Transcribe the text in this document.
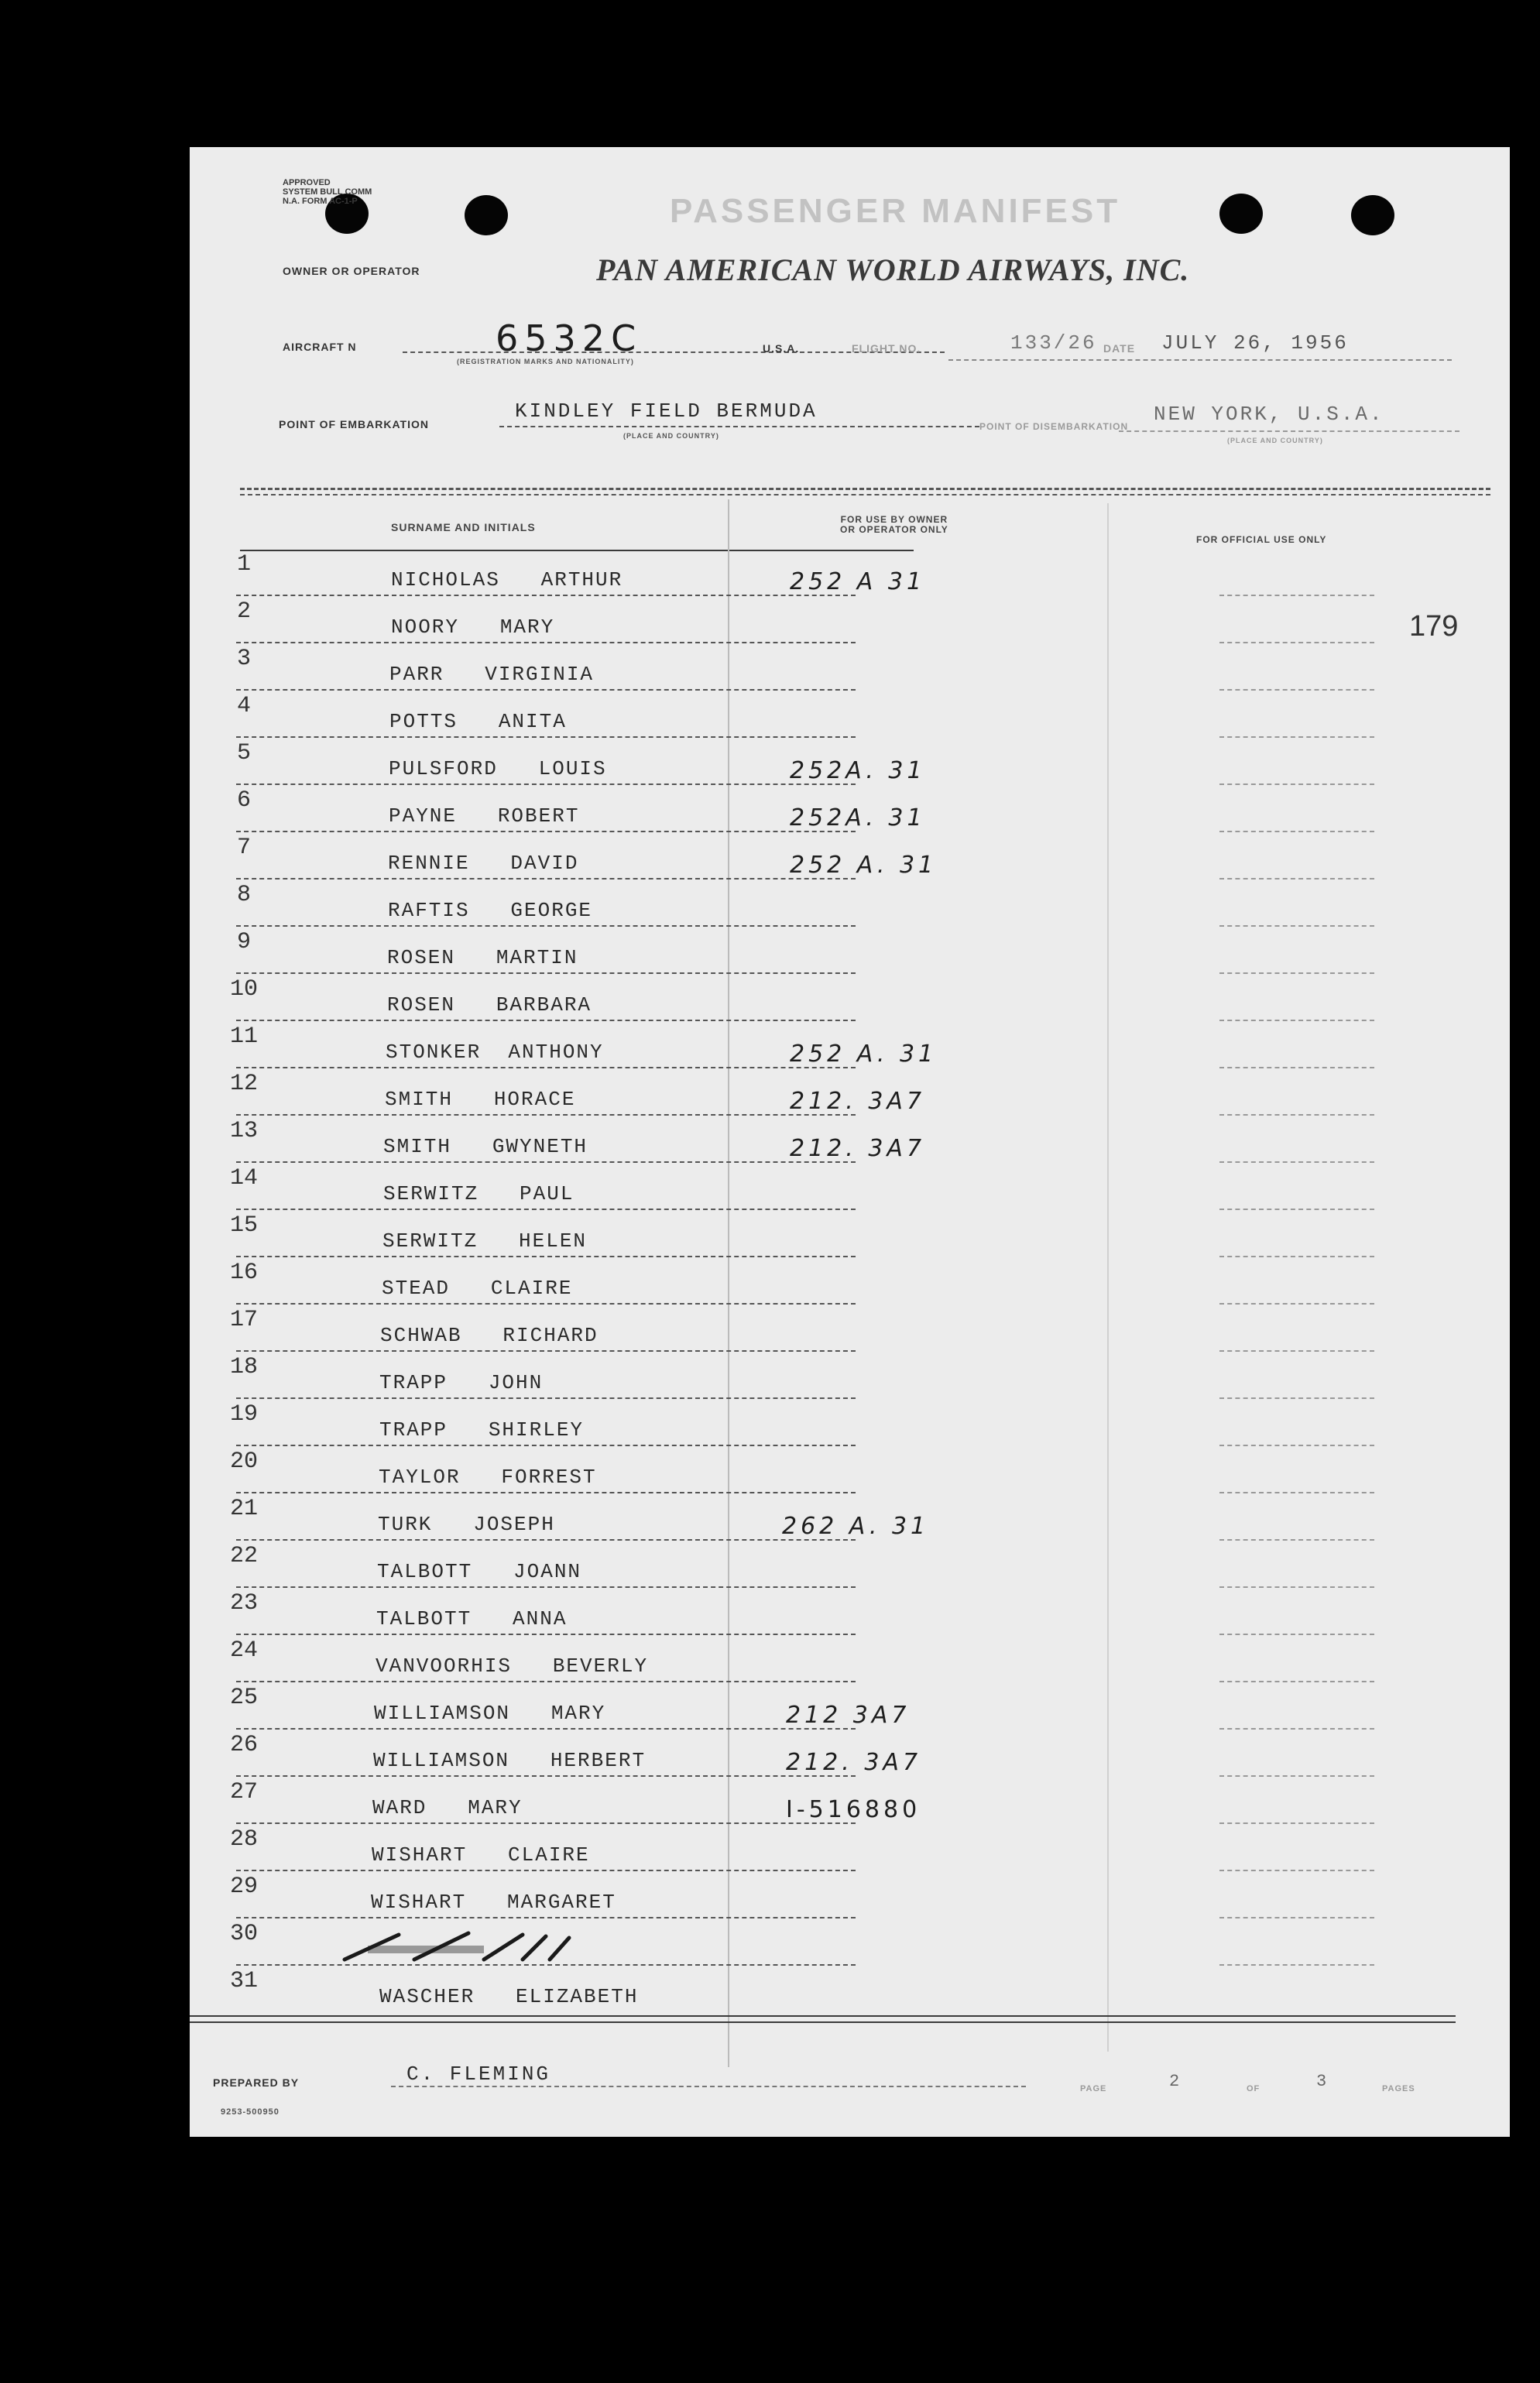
APPROVED
SYSTEM BULL COMM
N.A. FORM AC-1-P	PASSENGER MANIFEST
OWNER OR OPERATOR	PAN AMERICAN WORLD AIRWAYS, INC.
AIRCRAFT N	6532C
(REGISTRATION MARKS AND NATIONALITY)
U.S.A.	FLIGHT NO.	133/26 DATE JULY 26, 1956
POINT OF EMBARKATION
KINDLEY FIELD BERMUDA
(PLACE AND COUNTRY)
POINT OF DISEMBARKATION
NEW YORK, U.S.A.
(PLACE AND COUNTRY)
SURNAME AND INITIALS
FOR USE BY OWNER
OR OPERATOR ONLY
FOR OFFICIAL USE ONLY
179
1
NICHOLAS   ARTHUR	252 A 31
2
NOORY   MARY
3
PARR   VIRGINIA
4
POTTS   ANITA
5
PULSFORD   LOUIS	252A. 31
6
PAYNE   ROBERT	252A. 31
7
RENNIE   DAVID	252 A. 31
8
RAFTIS   GEORGE
9
ROSEN   MARTIN
10
ROSEN   BARBARA
11
STONKER  ANTHONY	252 A. 31
12
SMITH   HORACE	212. 3A7
13
SMITH   GWYNETH	212. 3A7
14
SERWITZ   PAUL
15
SERWITZ   HELEN
16
STEAD   CLAIRE
17
SCHWAB   RICHARD
18
TRAPP   JOHN
19
TRAPP   SHIRLEY
20
TAYLOR   FORREST
21
TURK   JOSEPH	262 A. 31
22
TALBOTT   JOANN
23
TALBOTT   ANNA
24
VANVOORHIS   BEVERLY
25
WILLIAMSON   MARY	212 3A7
26
WILLIAMSON   HERBERT	212. 3A7
27
WARD   MARY	I-516880
28
WISHART   CLAIRE
29
WISHART   MARGARET
30
31
WASCHER   ELIZABETH
PREPARED BY	C. FLEMING
9253-500950
PAGE	2	OF	3	PAGES
